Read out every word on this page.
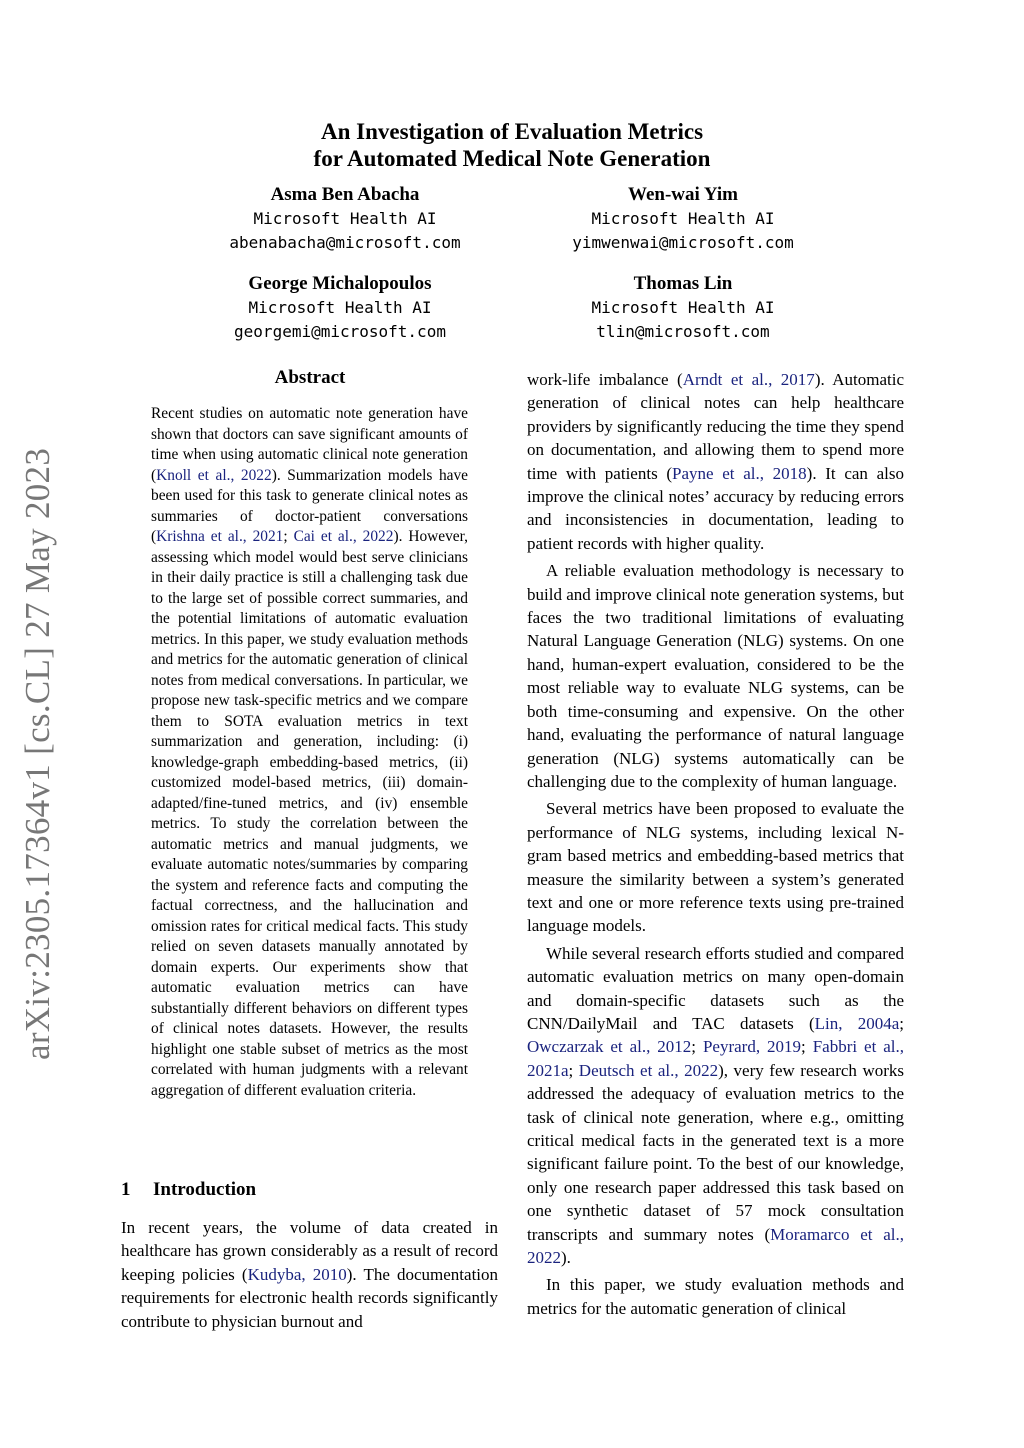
arXiv:2305.17364v1 [cs.CL] 27 May 2023
An Investigation of Evaluation Metrics
for Automated Medical Note Generation
Asma Ben Abacha
Microsoft Health AI
abenabacha@microsoft.com
Wen-wai Yim
Microsoft Health AI
yimwenwai@microsoft.com
George Michalopoulos
Microsoft Health AI
georgemi@microsoft.com
Thomas Lin
Microsoft Health AI
tlin@microsoft.com
Abstract
Recent studies on automatic note generation have shown that doctors can save significant amounts of time when using automatic clinical note generation (Knoll et al., 2022). Summarization models have been used for this task to generate clinical notes as summaries of doctor-patient conversations (Krishna et al., 2021; Cai et al., 2022). However, assessing which model would best serve clinicians in their daily practice is still a challenging task due to the large set of possible correct summaries, and the potential limitations of automatic evaluation metrics. In this paper, we study evaluation methods and metrics for the automatic generation of clinical notes from medical conversations. In particular, we propose new task-specific metrics and we compare them to SOTA evaluation metrics in text summarization and generation, including: (i) knowledge-graph embedding-based metrics, (ii) customized model-based metrics, (iii) domain-adapted/fine-tuned metrics, and (iv) ensemble metrics. To study the correlation between the automatic metrics and manual judgments, we evaluate automatic notes/summaries by comparing the system and reference facts and computing the factual correctness, and the hallucination and omission rates for critical medical facts. This study relied on seven datasets manually annotated by domain experts. Our experiments show that automatic evaluation metrics can have substantially different behaviors on different types of clinical notes datasets. However, the results highlight one stable subset of metrics as the most correlated with human judgments with a relevant aggregation of different evaluation criteria.
1 Introduction
In recent years, the volume of data created in healthcare has grown considerably as a result of record keeping policies (Kudyba, 2010). The documentation requirements for electronic health records significantly contribute to physician burnout and

work-life imbalance (Arndt et al., 2017). Automatic generation of clinical notes can help healthcare providers by significantly reducing the time they spend on documentation, and allowing them to spend more time with patients (Payne et al., 2018). It can also improve the clinical notes’ accuracy by reducing errors and inconsistencies in documentation, leading to patient records with higher quality.

A reliable evaluation methodology is necessary to build and improve clinical note generation systems, but faces the two traditional limitations of evaluating Natural Language Generation (NLG) systems. On one hand, human-expert evaluation, considered to be the most reliable way to evaluate NLG systems, can be both time-consuming and expensive. On the other hand, evaluating the performance of natural language generation (NLG) systems automatically can be challenging due to the complexity of human language.

Several metrics have been proposed to evaluate the performance of NLG systems, including lexical N-gram based metrics and embedding-based metrics that measure the similarity between a system’s generated text and one or more reference texts using pre-trained language models.

While several research efforts studied and compared automatic evaluation metrics on many open-domain and domain-specific datasets such as the CNN/DailyMail and TAC datasets (Lin, 2004a; Owczarzak et al., 2012; Peyrard, 2019; Fabbri et al., 2021a; Deutsch et al., 2022), very few research works addressed the adequacy of evaluation metrics to the task of clinical note generation, where e.g., omitting critical medical facts in the generated text is a more significant failure point. To the best of our knowledge, only one research paper addressed this task based on one synthetic dataset of 57 mock consultation transcripts and summary notes (Moramarco et al., 2022).

In this paper, we study evaluation methods and metrics for the automatic generation of clinical
